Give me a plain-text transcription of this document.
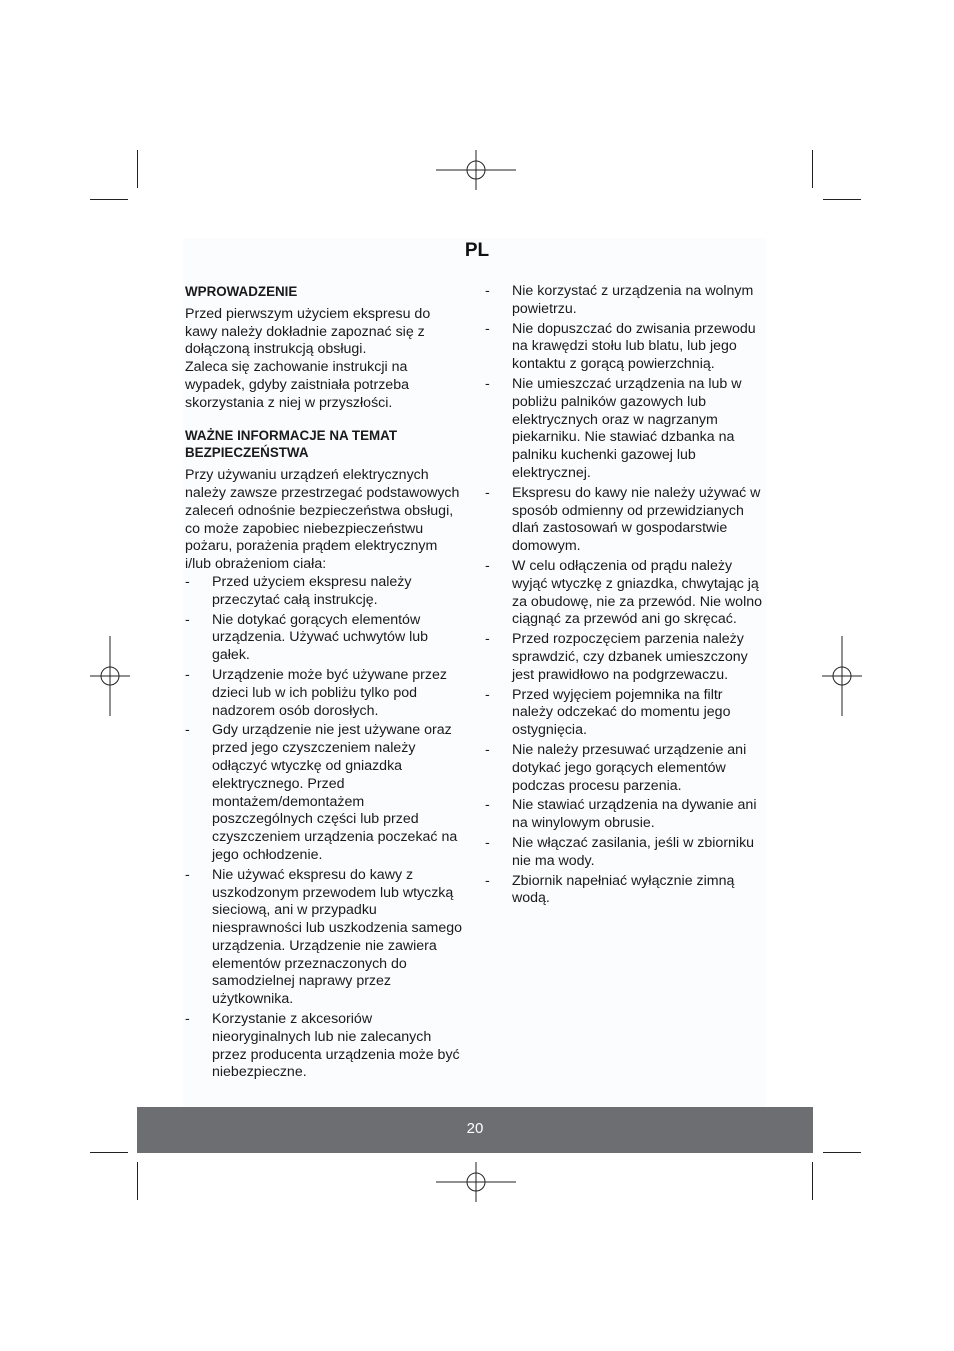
PL
WPROWADZENIE

Przed pierwszym użyciem ekspresu do
kawy należy dokładnie zapoznać się z
dołączoną instrukcją obsługi.
Zaleca się zachowanie instrukcji na
wypadek, gdyby zaistniała potrzeba
skorzystania z niej w przyszłości.

WAŻNE INFORMACJE NA TEMAT
BEZPIECZEŃSTWA

Przy używaniu urządzeń elektrycznych
należy zawsze przestrzegać podstawowych
zaleceń odnośnie bezpieczeństwa obsługi,
co może zapobiec niebezpieczeństwu
pożaru, porażenia prądem elektrycznym
i/lub obrażeniom ciała:

- Przed użyciem ekspresu należy
przeczytać całą instrukcję.
- Nie dotykać gorących elementów
urządzenia. Używać uchwytów lub
gałek.
- Urządzenie może być używane przez
dzieci lub w ich pobliżu tylko pod
nadzorem osób dorosłych.
- Gdy urządzenie nie jest używane oraz
przed jego czyszczeniem należy
odłączyć wtyczkę od gniazdka
elektrycznego. Przed
montażem/demontażem
poszczególnych części lub przed
czyszczeniem urządzenia poczekać na
jego ochłodzenie.
- Nie używać ekspresu do kawy z
uszkodzonym przewodem lub wtyczką
sieciową, ani w przypadku
niesprawności lub uszkodzenia samego
urządzenia. Urządzenie nie zawiera
elementów przeznaczonych do
samodzielnej naprawy przez
użytkownika.
- Korzystanie z akcesoriów
nieoryginalnych lub nie zalecanych
przez producenta urządzenia może być
niebezpieczne.
- Nie korzystać z urządzenia na wolnym
powietrzu.
- Nie dopuszczać do zwisania przewodu
na krawędzi stołu lub blatu, lub jego
kontaktu z gorącą powierzchnią.
- Nie umieszczać urządzenia na lub w
pobliżu palników gazowych lub
elektrycznych oraz w nagrzanym
piekarniku. Nie stawiać dzbanka na
palniku kuchenki gazowej lub
elektrycznej.
- Ekspresu do kawy nie należy używać w
sposób odmienny od przewidzianych
dlań zastosowań w gospodarstwie
domowym.
- W celu odłączenia od prądu należy
wyjąć wtyczkę z gniazdka, chwytając ją
za obudowę, nie za przewód. Nie wolno
ciągnąć za przewód ani go skręcać.
- Przed rozpoczęciem parzenia należy
sprawdzić, czy dzbanek umieszczony
jest prawidłowo na podgrzewaczu.
- Przed wyjęciem pojemnika na filtr
należy odczekać do momentu jego
ostygnięcia.
- Nie należy przesuwać urządzenie ani
dotykać jego gorących elementów
podczas procesu parzenia.
- Nie stawiać urządzenia na dywanie ani
na winylowym obrusie.
- Nie włączać zasilania, jeśli w zbiorniku
nie ma wody.
- Zbiornik napełniać wyłącznie zimną
wodą.
20
